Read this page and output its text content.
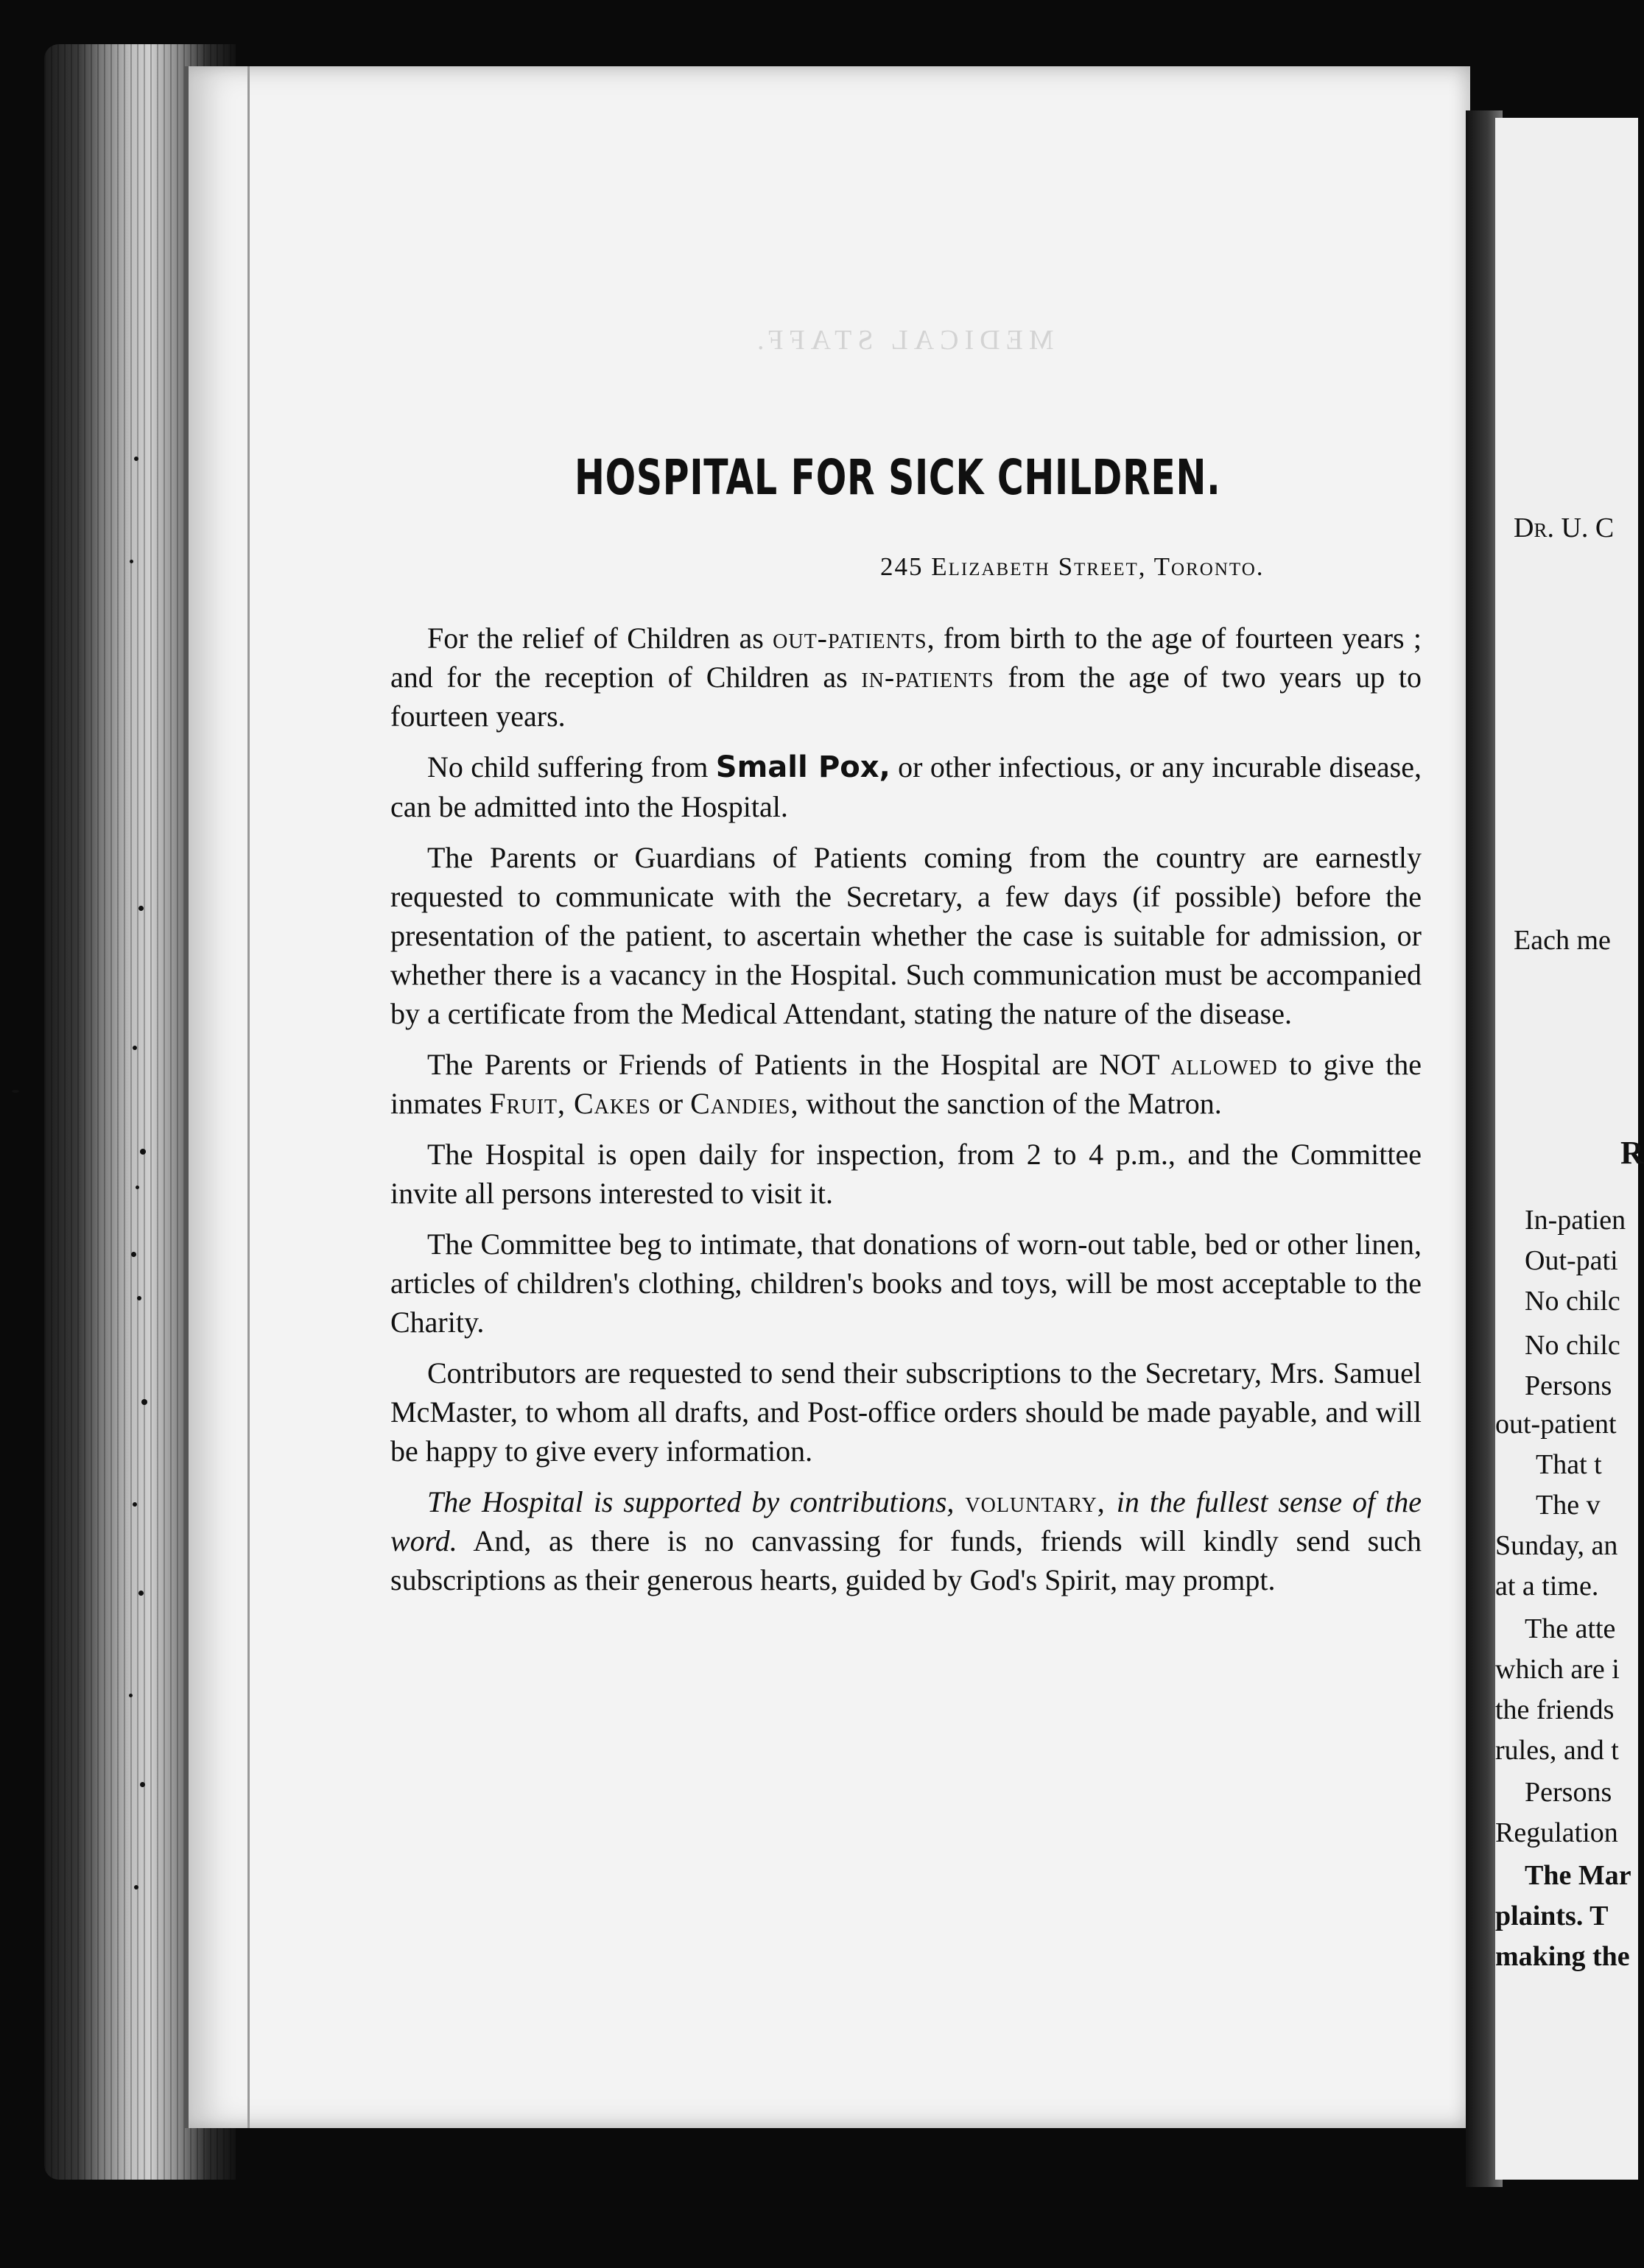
MEDICAL STAFF.
HOSPITAL FOR SICK CHILDREN.
245 Elizabeth Street, Toronto.

For the relief of Children as out-patients, from birth to the age of fourteen years ; and for the reception of Children as in-patients from the age of two years up to fourteen years.

No child suffering from Small Pox, or other infectious, or any incurable disease, can be admitted into the Hospital.

The Parents or Guardians of Patients coming from the country are earnestly requested to communicate with the Secretary, a few days (if possible) before the presentation of the patient, to ascertain whether the case is suitable for admission, or whether there is a vacancy in the Hospital. Such communication must be accompanied by a certificate from the Medical Attendant, stating the nature of the disease.

The Parents or Friends of Patients in the Hospital are NOT allowed to give the inmates Fruit, Cakes or Candies, without the sanction of the Matron.

The Hospital is open daily for inspection, from 2 to 4 p.m., and the Committee invite all persons interested to visit it.

The Committee beg to intimate, that donations of worn-out table, bed or other linen, articles of children's clothing, children's books and toys, will be most acceptable to the Charity.

Contributors are requested to send their subscriptions to the Secretary, Mrs. Samuel McMaster, to whom all drafts, and Post-office orders should be made payable, and will be happy to give every information.

The Hospital is supported by contributions, voluntary, in the fullest sense of the word. And, as there is no canvassing for funds, friends will kindly send such subscriptions as their generous hearts, guided by God's Spirit, may prompt.

Dr. U. C
Each me
R
In-patien
Out-pati
No chilc
No chilc
Persons
out-patient
That t
The v
Sunday, an
at a time.
The atte
which are i
the friends
rules, and t
Persons
Regulation
The Mar
plaints. T
making the
